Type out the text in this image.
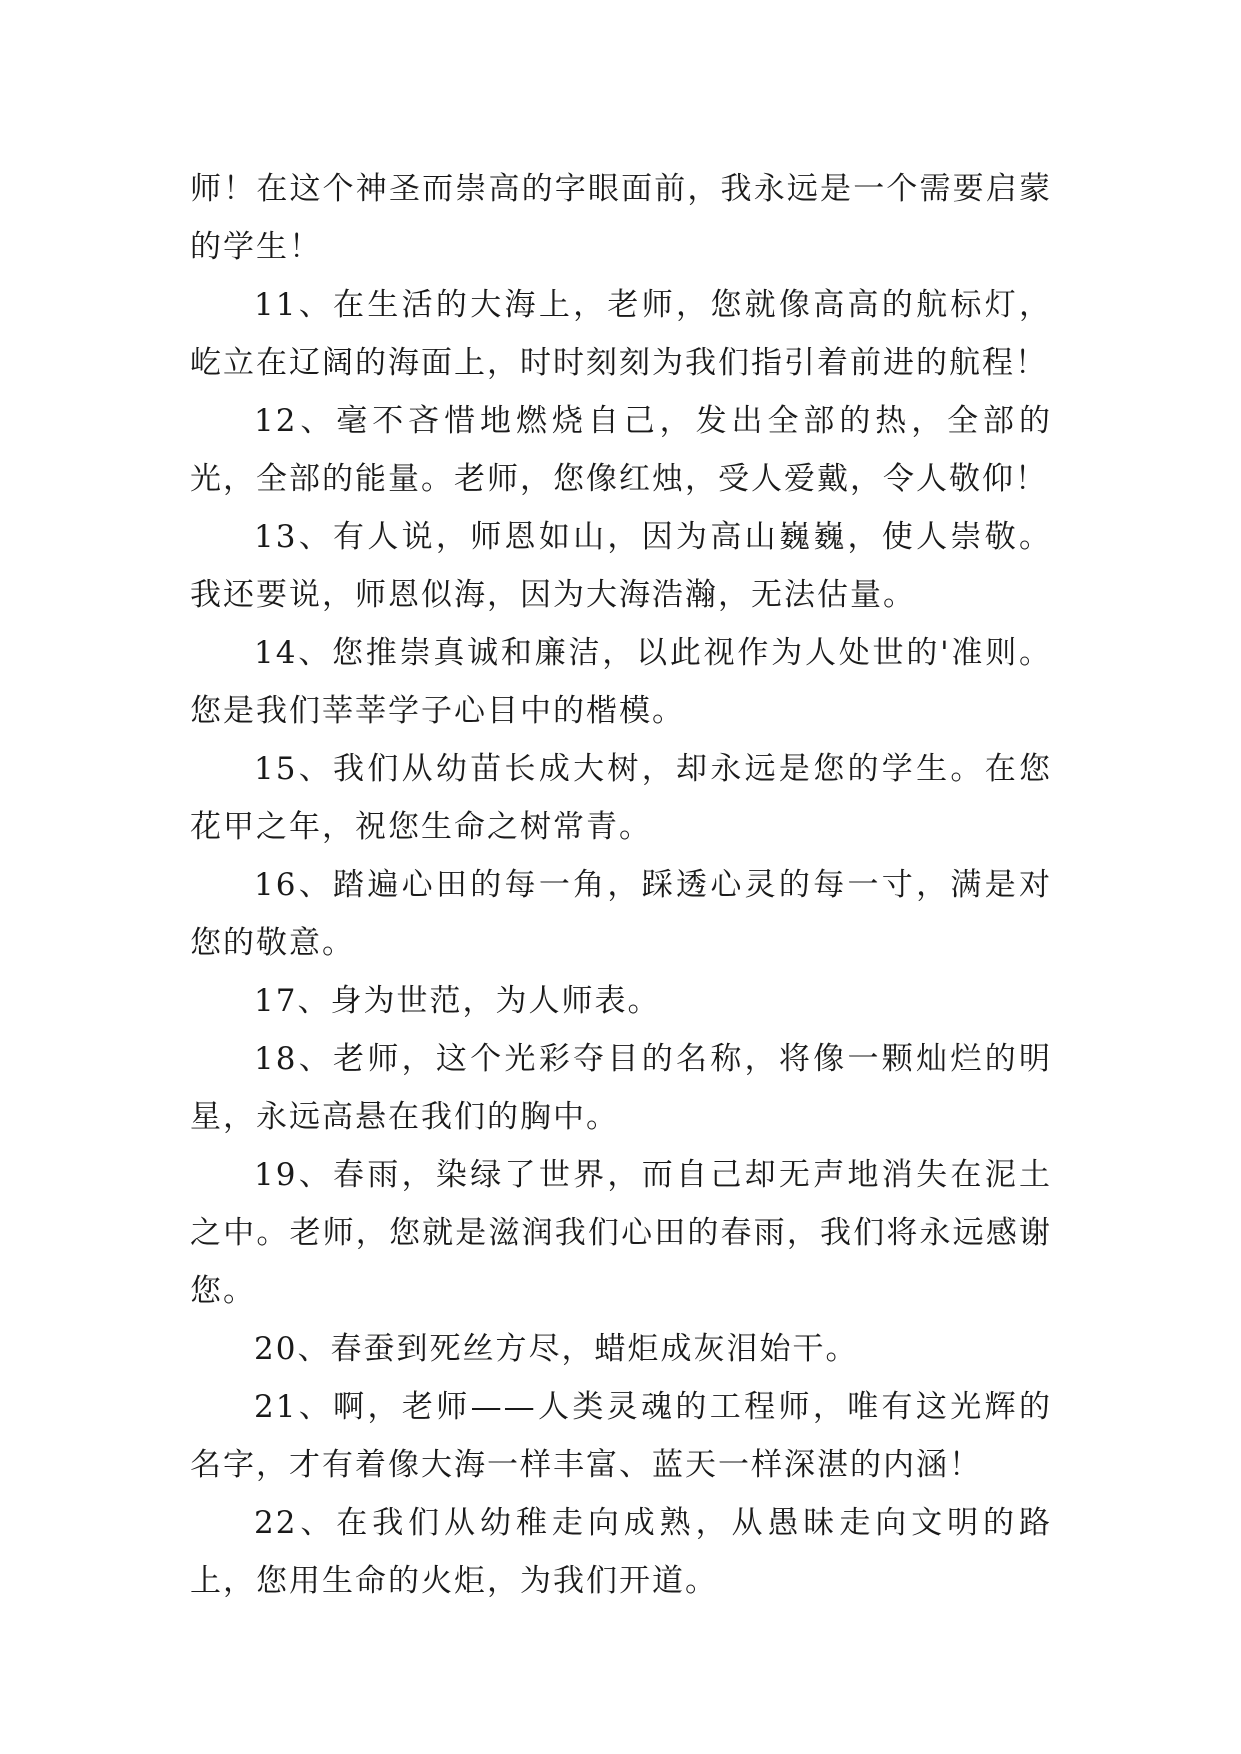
师！在这个神圣而崇高的字眼面前，我永远是一个需要启蒙的学生！

11、在生活的大海上，老师，您就像高高的航标灯，屹立在辽阔的海面上，时时刻刻为我们指引着前进的航程！

12、毫不吝惜地燃烧自己，发出全部的热，全部的光，全部的能量。老师，您像红烛，受人爱戴，令人敬仰！

13、有人说，师恩如山，因为高山巍巍，使人崇敬。我还要说，师恩似海，因为大海浩瀚，无法估量。

14、您推崇真诚和廉洁，以此视作为人处世的'准则。您是我们莘莘学子心目中的楷模。

15、我们从幼苗长成大树，却永远是您的学生。在您花甲之年，祝您生命之树常青。

16、踏遍心田的每一角，踩透心灵的每一寸，满是对您的敬意。

17、身为世范，为人师表。

18、老师，这个光彩夺目的名称，将像一颗灿烂的明星，永远高悬在我们的胸中。

19、春雨，染绿了世界，而自己却无声地消失在泥土之中。老师，您就是滋润我们心田的春雨，我们将永远感谢您。

20、春蚕到死丝方尽，蜡炬成灰泪始干。

21、啊，老师——人类灵魂的工程师，唯有这光辉的名字，才有着像大海一样丰富、蓝天一样深湛的内涵！

22、在我们从幼稚走向成熟，从愚昧走向文明的路上，您用生命的火炬，为我们开道。
